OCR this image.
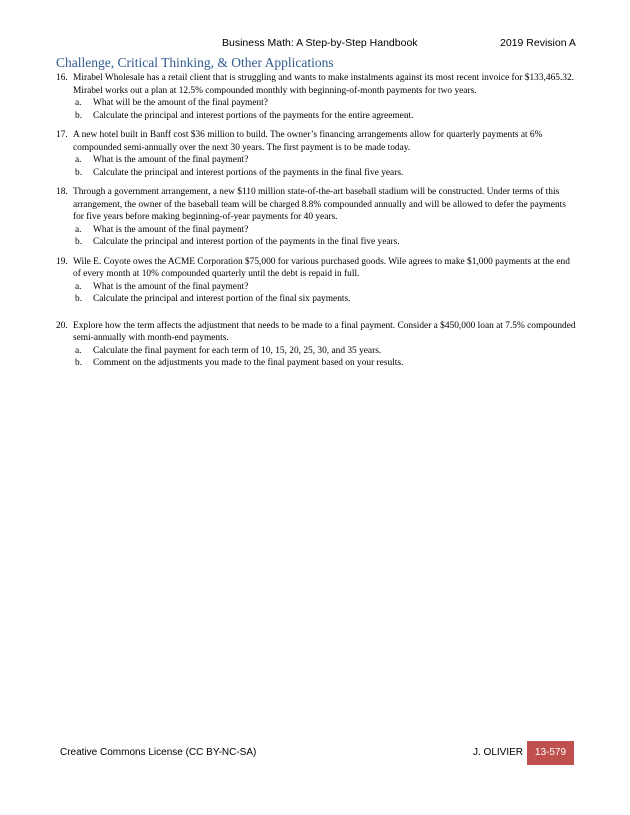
Business Math: A Step-by-Step Handbook	2019 Revision A
Challenge, Critical Thinking, & Other Applications
16. Mirabel Wholesale has a retail client that is struggling and wants to make instalments against its most recent invoice for $133,465.32. Mirabel works out a plan at 12.5% compounded monthly with beginning-of-month payments for two years.
a. What will be the amount of the final payment?
b. Calculate the principal and interest portions of the payments for the entire agreement.
17. A new hotel built in Banff cost $36 million to build. The owner’s financing arrangements allow for quarterly payments at 6% compounded semi-annually over the next 30 years. The first payment is to be made today.
a. What is the amount of the final payment?
b. Calculate the principal and interest portions of the payments in the final five years.
18. Through a government arrangement, a new $110 million state-of-the-art baseball stadium will be constructed. Under terms of this arrangement, the owner of the baseball team will be charged 8.8% compounded annually and will be allowed to defer the payments for five years before making beginning-of-year payments for 40 years.
a. What is the amount of the final payment?
b. Calculate the principal and interest portion of the payments in the final five years.
19. Wile E. Coyote owes the ACME Corporation $75,000 for various purchased goods. Wile agrees to make $1,000 payments at the end of every month at 10% compounded quarterly until the debt is repaid in full.
a. What is the amount of the final payment?
b. Calculate the principal and interest portion of the final six payments.
20. Explore how the term affects the adjustment that needs to be made to a final payment. Consider a $450,000 loan at 7.5% compounded semi-annually with month-end payments.
a. Calculate the final payment for each term of 10, 15, 20, 25, 30, and 35 years.
b. Comment on the adjustments you made to the final payment based on your results.
Creative Commons License (CC BY-NC-SA)	J. OLIVIER	13-579
